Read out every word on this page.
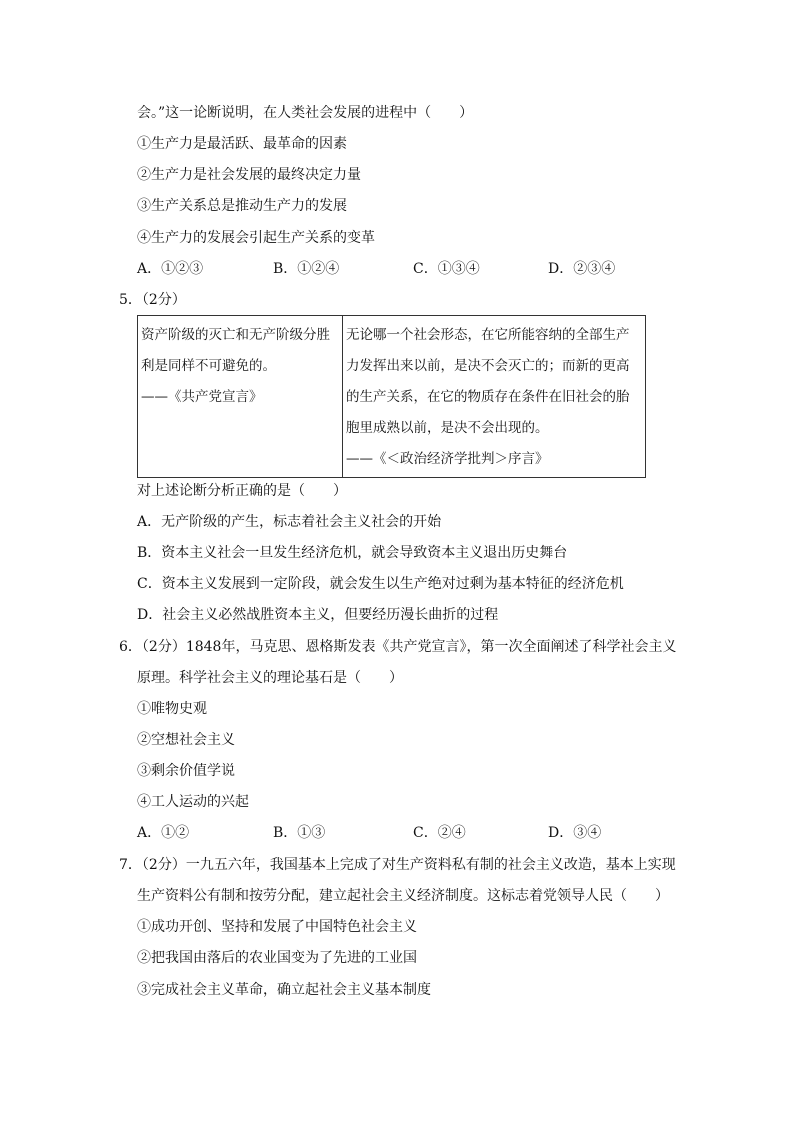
会。”这一论断说明，在人类社会发展的进程中（　　）
①生产力是最活跃、最革命的因素
②生产力是社会发展的最终决定力量
③生产关系总是推动生产力的发展
④生产力的发展会引起生产关系的变革
A．①②③	B．①②④	C．①③④	D．②③④
5．（2分）
资产阶级的灭亡和无产阶级分胜
利是同样不可避免的。
——《共产党宣言》

无论哪一个社会形态，在它所能容纳的全部生产
力发挥出来以前，是决不会灭亡的；而新的更高
的生产关系，在它的物质存在条件在旧社会的胎
胞里成熟以前，是决不会出现的。
——《＜政治经济学批判＞序言》
对上述论断分析正确的是（　　）
A．无产阶级的产生，标志着社会主义社会的开始
B．资本主义社会一旦发生经济危机，就会导致资本主义退出历史舞台
C．资本主义发展到一定阶段，就会发生以生产绝对过剩为基本特征的经济危机
D．社会主义必然战胜资本主义，但要经历漫长曲折的过程
6．（2分）1848年，马克思、恩格斯发表《共产党宣言》，第一次全面阐述了科学社会主义
原理。科学社会主义的理论基石是（　　）
①唯物史观
②空想社会主义
③剩余价值学说
④工人运动的兴起
A．①②	B．①③	C．②④	D．③④
7．（2分）一九五六年，我国基本上完成了对生产资料私有制的社会主义改造，基本上实现
生产资料公有制和按劳分配，建立起社会主义经济制度。这标志着党领导人民（　　）
①成功开创、坚持和发展了中国特色社会主义
②把我国由落后的农业国变为了先进的工业国
③完成社会主义革命，确立起社会主义基本制度
